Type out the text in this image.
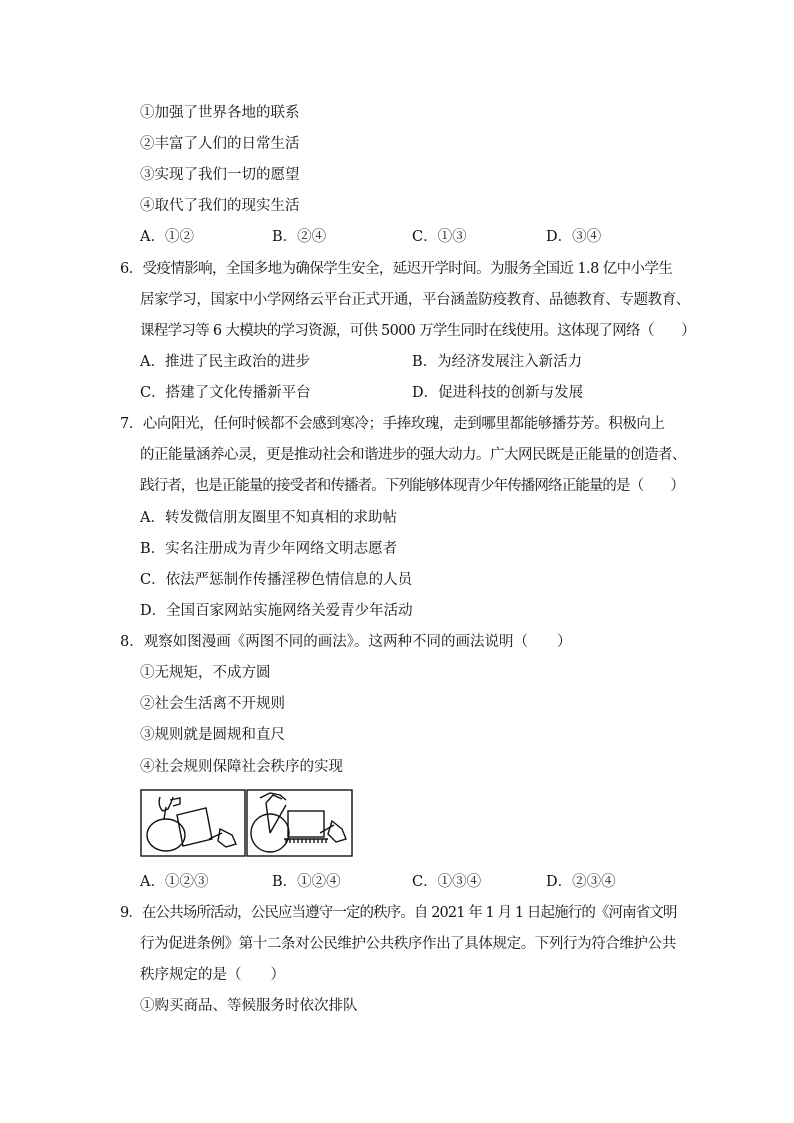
①加强了世界各地的联系
②丰富了人们的日常生活
③实现了我们一切的愿望
④取代了我们的现实生活
A．①②	B．②④	C．①③	D．③④
6．受疫情影响，全国多地为确保学生安全，延迟开学时间。为服务全国近 1.8 亿中小学生
居家学习，国家中小学网络云平台正式开通，平台涵盖防疫教育、品德教育、专题教育、
课程学习等 6 大模块的学习资源，可供 5000 万学生同时在线使用。这体现了网络（　　）
A．推进了民主政治的进步	B．为经济发展注入新活力
C．搭建了文化传播新平台	D．促进科技的创新与发展
7．心向阳光，任何时候都不会感到寒冷；手捧玫瑰，走到哪里都能够播芬芳。积极向上
的正能量涵养心灵，更是推动社会和谐进步的强大动力。广大网民既是正能量的创造者、
践行者，也是正能量的接受者和传播者。下列能够体现青少年传播网络正能量的是（　　）
A．转发微信朋友圈里不知真相的求助帖
B．实名注册成为青少年网络文明志愿者
C．依法严惩制作传播淫秽色情信息的人员
D．全国百家网站实施网络关爱青少年活动
8．观察如图漫画《两图不同的画法》。这两种不同的画法说明（　　）
①无规矩，不成方圆
②社会生活离不开规则
③规则就是圆规和直尺
④社会规则保障社会秩序的实现
A．①②③	B．①②④	C．①③④	D．②③④
9．在公共场所活动，公民应当遵守一定的秩序。自 2021 年 1 月 1 日起施行的《河南省文明
行为促进条例》第十二条对公民维护公共秩序作出了具体规定。下列行为符合维护公共
秩序规定的是（　　）
①购买商品、等候服务时依次排队
